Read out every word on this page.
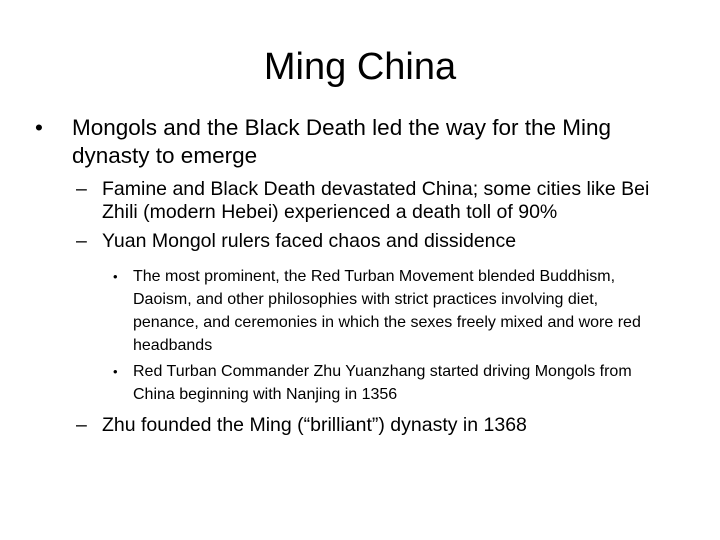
Ming China
• Mongols and the Black Death led the way for the Ming dynasty to emerge
– Famine and Black Death devastated China; some cities like Bei Zhili (modern Hebei) experienced a death toll of 90%
– Yuan Mongol rulers faced chaos and dissidence
• The most prominent, the Red Turban Movement blended Buddhism, Daoism, and other philosophies with strict practices involving diet, penance, and ceremonies in which the sexes freely mixed and wore red headbands
• Red Turban Commander Zhu Yuanzhang started driving Mongols from China beginning with Nanjing in 1356
– Zhu founded the Ming (“brilliant”) dynasty in 1368
